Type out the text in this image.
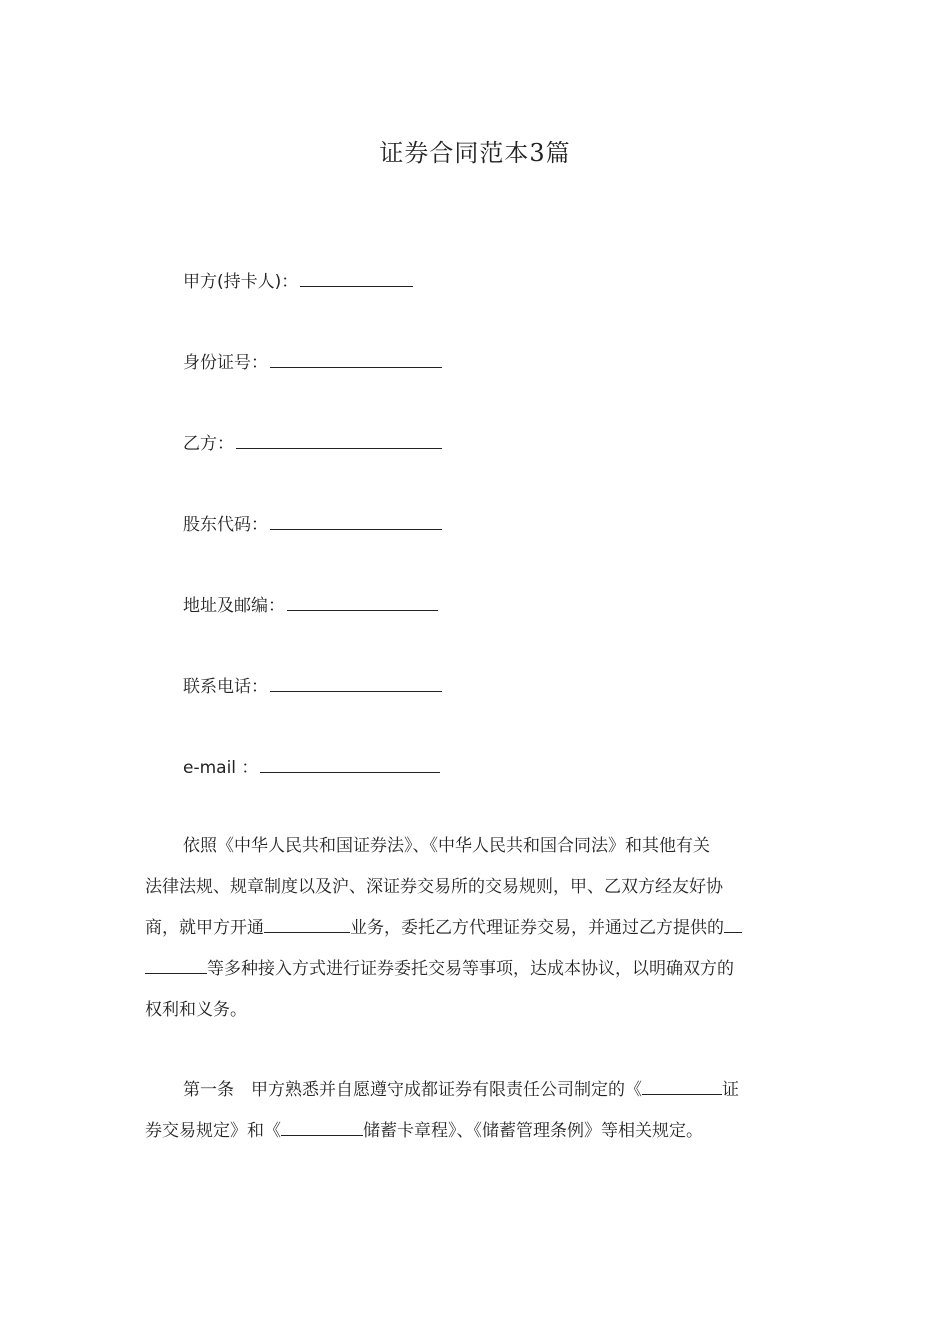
证券合同范本3篇
甲方(持卡人)：
身份证号：
乙方：
股东代码：
地址及邮编：
联系电话：
e-mail ：
依照《中华人民共和国证券法》、《中华人民共和国合同法》和其他有关
法律法规、规章制度以及沪、深证券交易所的交易规则，甲、乙双方经友好协
商，就甲方开通	业务，委托乙方代理证券交易，并通过乙方提供的
等多种接入方式进行证券委托交易等事项，达成本协议，以明确双方的
权利和义务。
第一条　甲方熟悉并自愿遵守成都证券有限责任公司制定的《	证
券交易规定》和《	储蓄卡章程》、《储蓄管理条例》等相关规定。
